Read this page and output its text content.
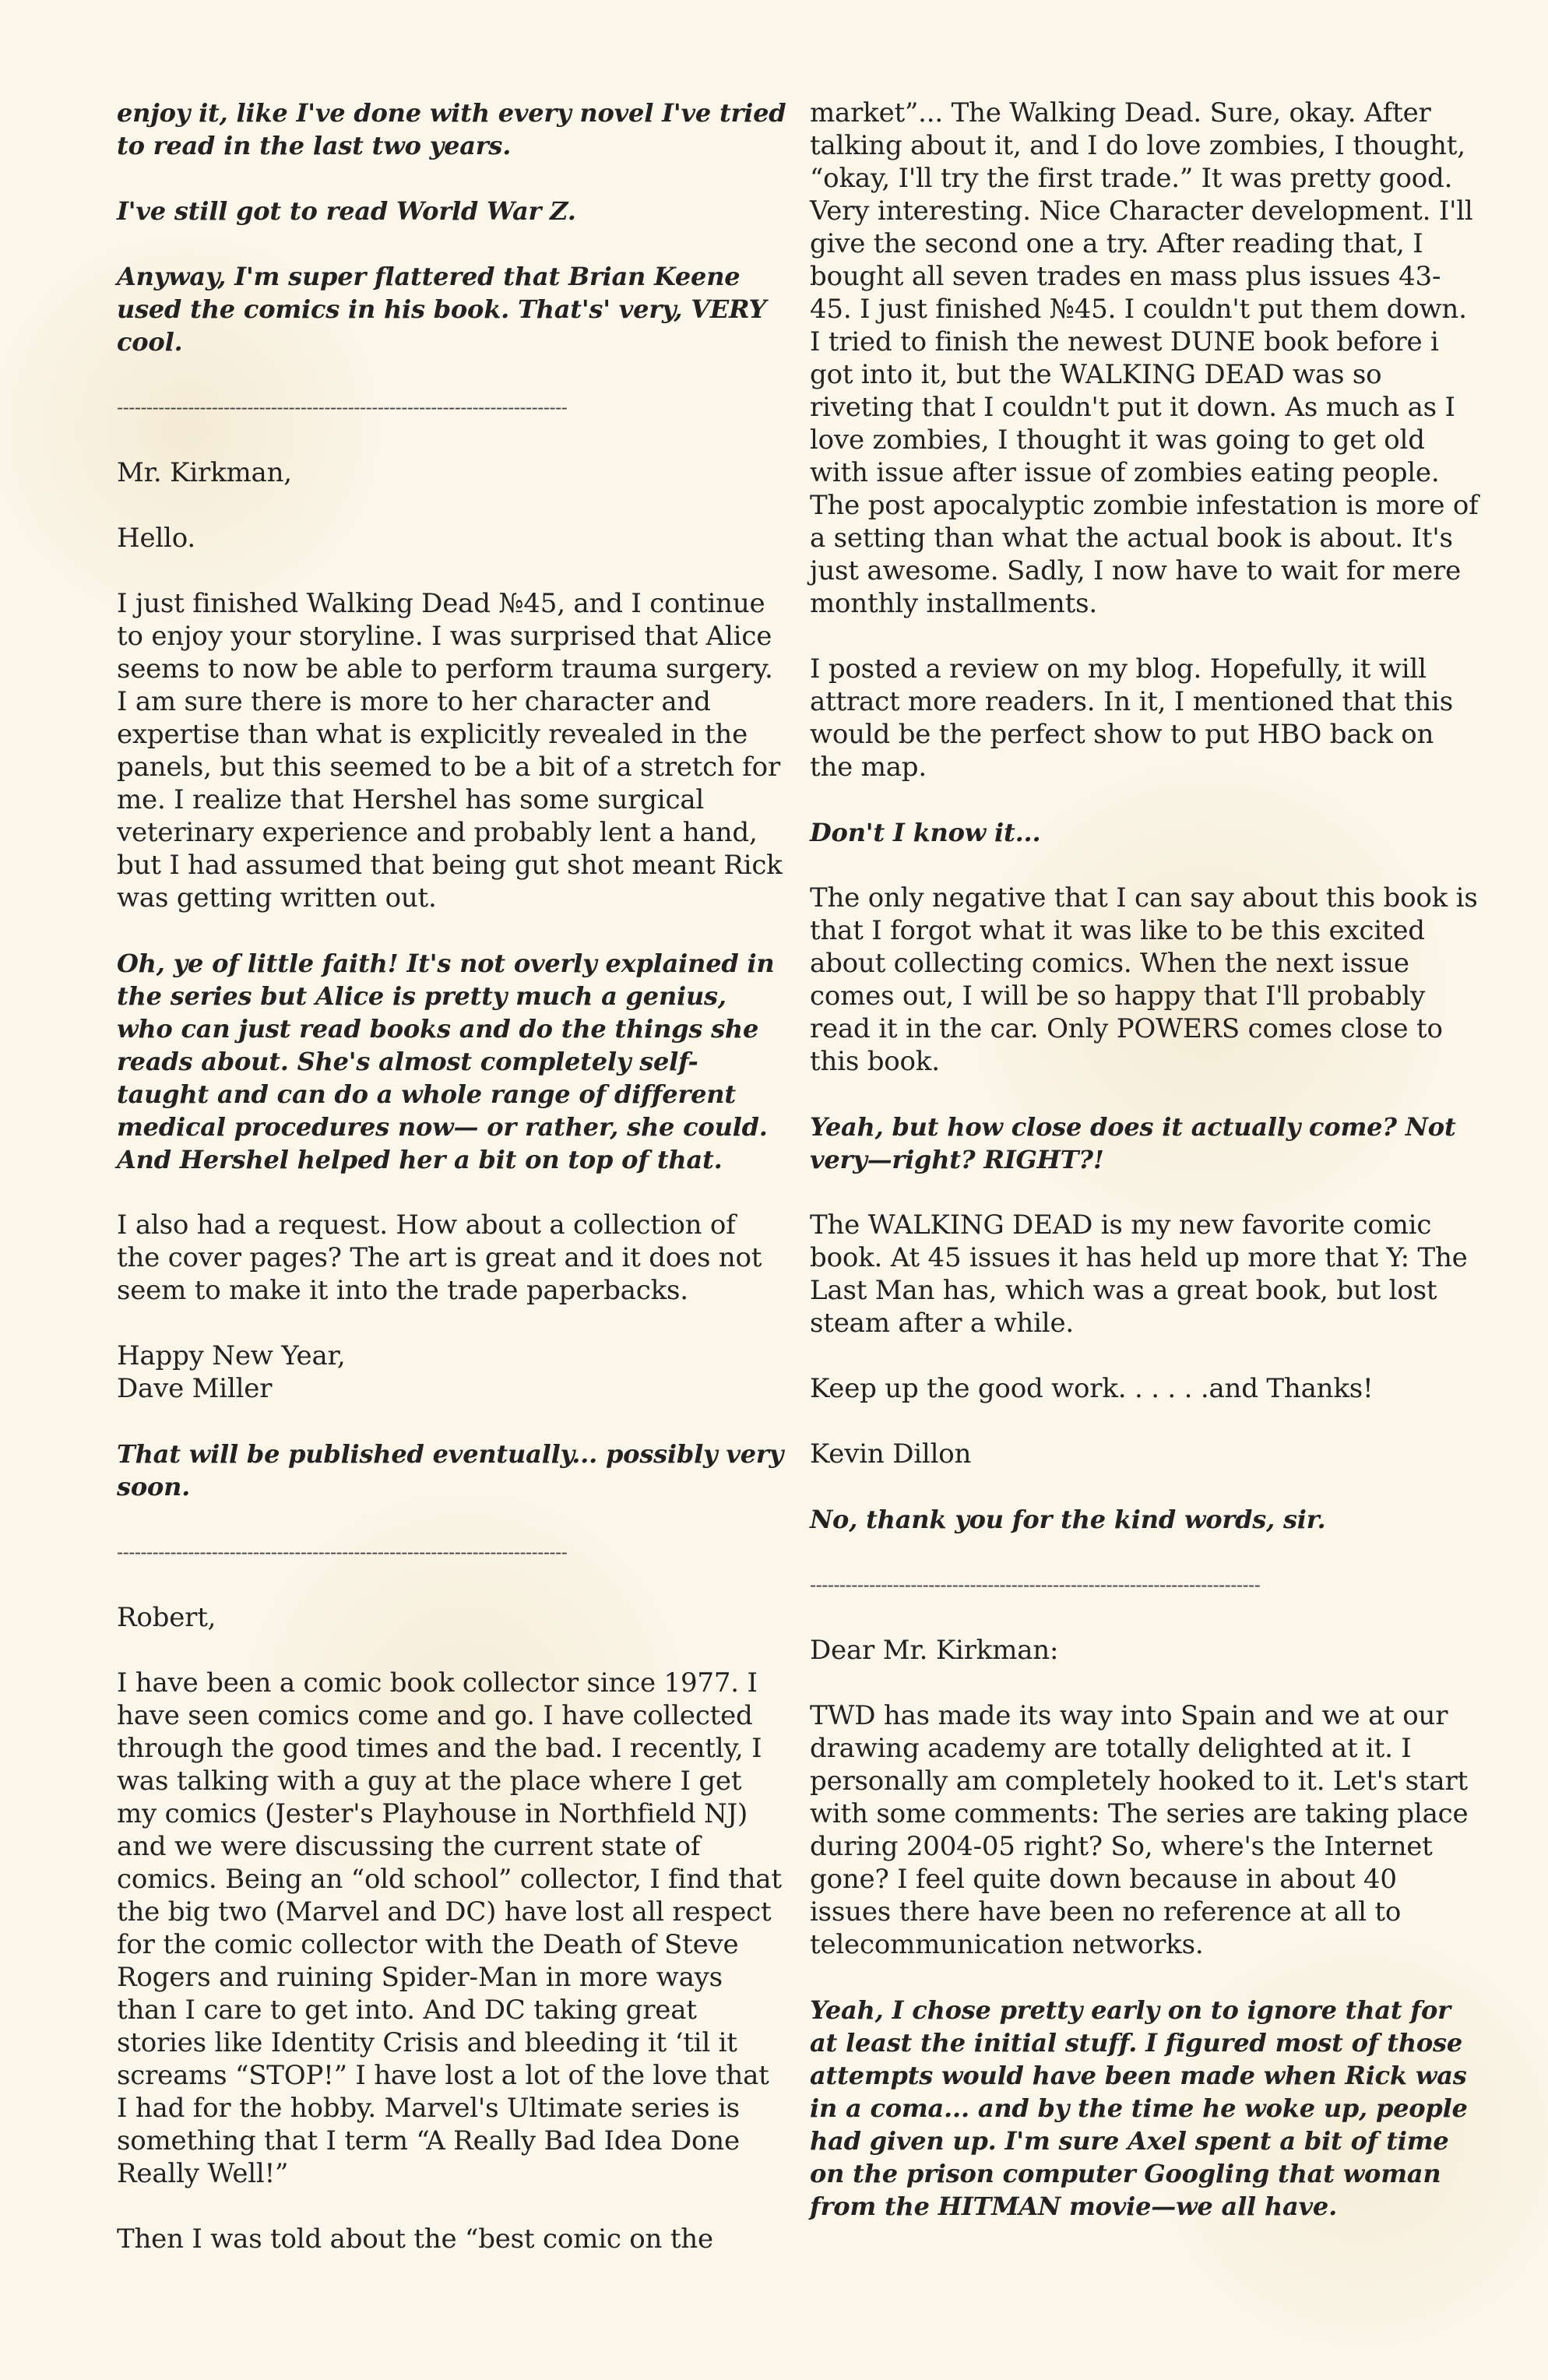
enjoy it, like I've done with every novel I've tried to read in the last two years.

I've still got to read World War Z.

Anyway, I'm super flattered that Brian Keene used the comics in his book. That's' very, VERY cool.

----------------------------------------------------------------------------

Mr. Kirkman,

Hello.

I just finished Walking Dead №45, and I continue to enjoy your storyline. I was surprised that Alice seems to now be able to perform trauma surgery. I am sure there is more to her character and expertise than what is explicitly revealed in the panels, but this seemed to be a bit of a stretch for me. I realize that Hershel has some surgical veterinary experience and probably lent a hand, but I had assumed that being gut shot meant Rick was getting written out.

Oh, ye of little faith! It's not overly explained in the series but Alice is pretty much a genius, who can just read books and do the things she reads about. She's almost completely self-taught and can do a whole range of different medical procedures now— or rather, she could. And Hershel helped her a bit on top of that.

I also had a request. How about a collection of the cover pages? The art is great and it does not seem to make it into the trade paperbacks.

Happy New Year,

Dave Miller

That will be published eventually... possibly very soon.

----------------------------------------------------------------------------

Robert,

I have been a comic book collector since 1977. I have seen comics come and go. I have collected through the good times and the bad. I recently, I was talking with a guy at the place where I get my comics (Jester's Playhouse in Northfield NJ) and we were discussing the current state of comics. Being an “old school” collector, I find that the big two (Marvel and DC) have lost all respect for the comic collector with the Death of Steve Rogers and ruining Spider-Man in more ways than I care to get into. And DC taking great stories like Identity Crisis and bleeding it ‘til it screams “STOP!” I have lost a lot of the love that I had for the hobby. Marvel's Ultimate series is something that I term “A Really Bad Idea Done Really Well!”

Then I was told about the “best comic on the

market”... The Walking Dead. Sure, okay. After talking about it, and I do love zombies, I thought, “okay, I'll try the first trade.” It was pretty good. Very interesting. Nice Character development. I'll give the second one a try. After reading that, I bought all seven trades en mass plus issues 43-45. I just finished №45. I couldn't put them down. I tried to finish the newest DUNE book before i got into it, but the WALKING DEAD was so riveting that I couldn't put it down. As much as I love zombies, I thought it was going to get old with issue after issue of zombies eating people. The post apocalyptic zombie infestation is more of a setting than what the actual book is about. It's just awesome. Sadly, I now have to wait for mere monthly installments.

I posted a review on my blog. Hopefully, it will attract more readers. In it, I mentioned that this would be the perfect show to put HBO back on the map.

Don't I know it...

The only negative that I can say about this book is that I forgot what it was like to be this excited about collecting comics. When the next issue comes out, I will be so happy that I'll probably read it in the car. Only POWERS comes close to this book.

Yeah, but how close does it actually come? Not very—right? RIGHT?!

The WALKING DEAD is my new favorite comic book. At 45 issues it has held up more that Y: The Last Man has, which was a great book, but lost steam after a while.

Keep up the good work. . . . . .and Thanks!

Kevin Dillon

No, thank you for the kind words, sir.

----------------------------------------------------------------------------

Dear Mr. Kirkman:

TWD has made its way into Spain and we at our drawing academy are totally delighted at it. I personally am completely hooked to it. Let's start with some comments: The series are taking place during 2004-05 right? So, where's the Internet gone? I feel quite down because in about 40 issues there have been no reference at all to telecommunication networks.

Yeah, I chose pretty early on to ignore that for at least the initial stuff. I figured most of those attempts would have been made when Rick was in a coma... and by the time he woke up, people had given up. I'm sure Axel spent a bit of time on the prison computer Googling that woman from the HITMAN movie—we all have.
